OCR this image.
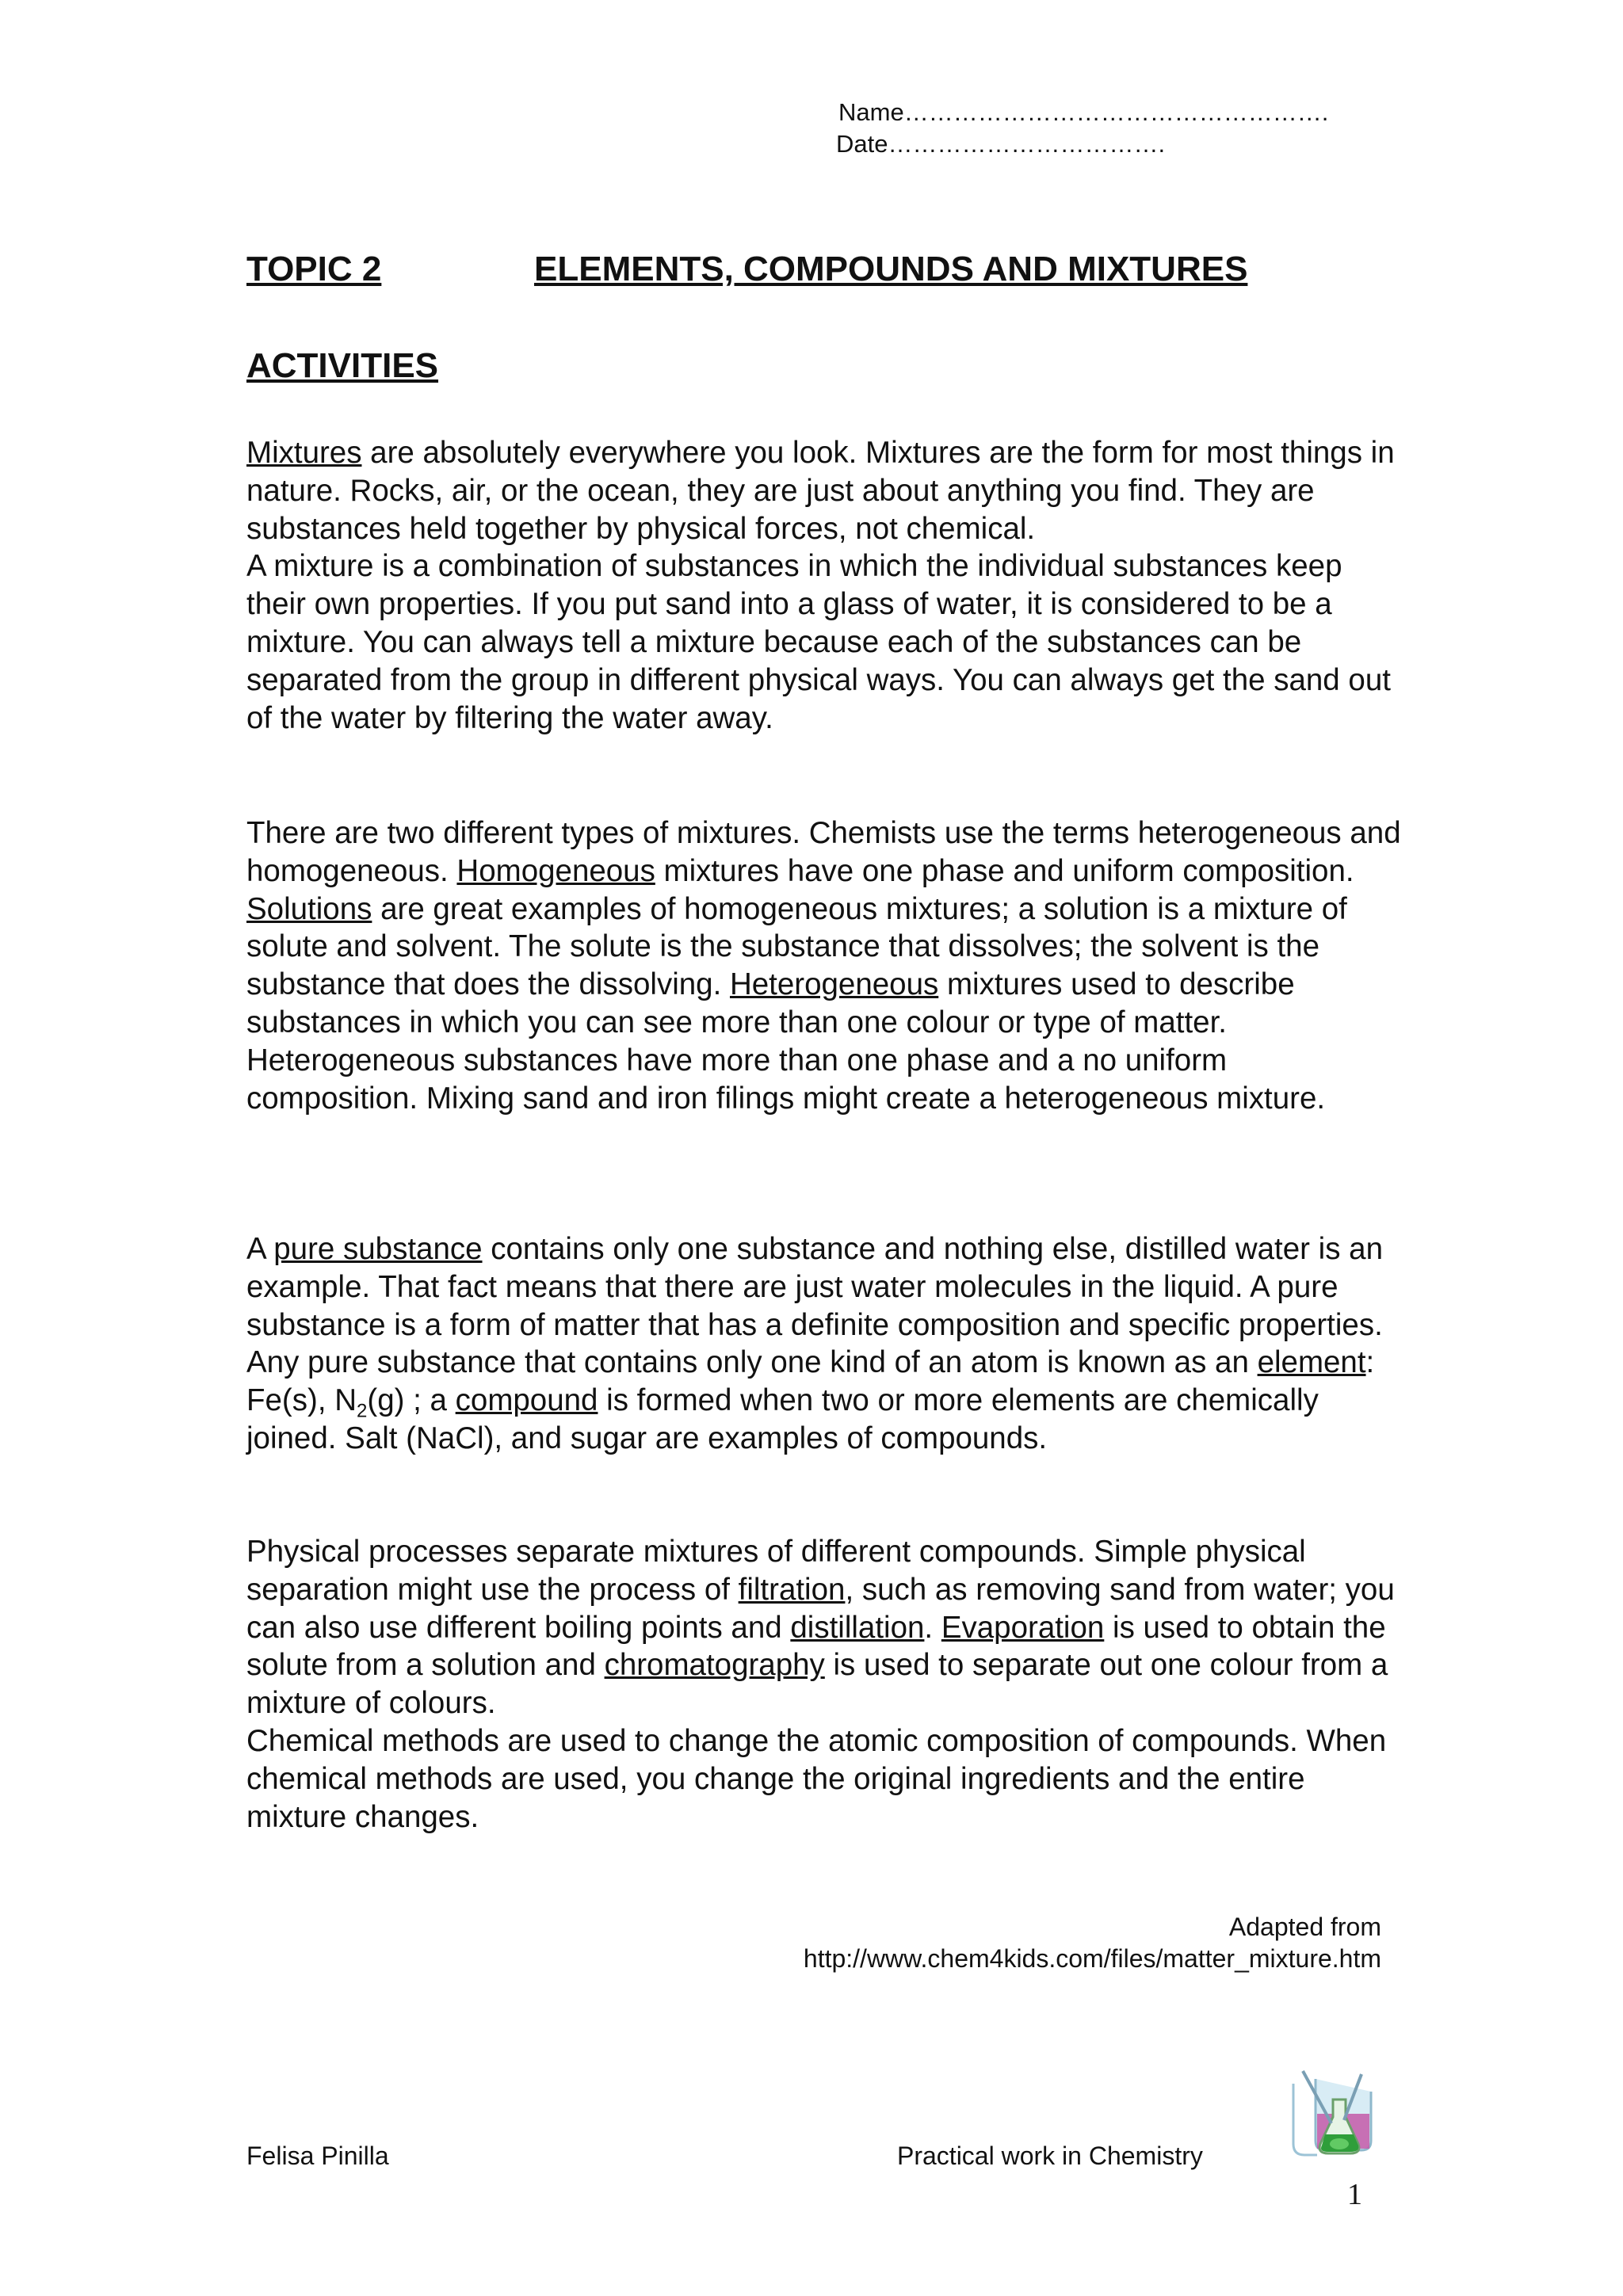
Name…………………………………………….
Date…………………………….
TOPIC 2	ELEMENTS, COMPOUNDS AND MIXTURES
ACTIVITIES

Mixtures are absolutely everywhere you look. Mixtures are the form for most things in nature. Rocks, air, or the ocean, they are just about anything you find. They are substances held together by physical forces, not chemical.

A mixture is a combination of substances in which the individual substances keep their own properties. If you put sand into a glass of water, it is considered to be a mixture. You can always tell a mixture because each of the substances can be separated from the group in different physical ways. You can always get the sand out of the water by filtering the water away.

There are two different types of mixtures. Chemists use the terms heterogeneous and homogeneous. Homogeneous mixtures have one phase and uniform composition. Solutions are great examples of homogeneous mixtures; a solution is a mixture of solute and solvent. The solute is the substance that dissolves; the solvent is the substance that does the dissolving. Heterogeneous mixtures used to describe substances in which you can see more than one colour or type of matter. Heterogeneous substances have more than one phase and a no uniform composition. Mixing sand and iron filings might create a heterogeneous mixture.

A pure substance contains only one substance and nothing else, distilled water is an example. That fact means that there are just water molecules in the liquid. A pure substance is a form of matter that has a definite composition and specific properties. Any pure substance that contains only one kind of an atom is known as an element: Fe(s), $N_2(g)$ ; a compound is formed when two or more elements are chemically joined. Salt (NaCl), and sugar are examples of compounds.

Physical processes separate mixtures of different compounds. Simple physical separation might use the process of filtration, such as removing sand from water; you can also use different boiling points and distillation. Evaporation is used to obtain the solute from a solution and chromatography is used to separate out one colour from a mixture of colours.

Chemical methods are used to change the atomic composition of compounds. When chemical methods are used, you change the original ingredients and the entire mixture changes.

Adapted from
http://www.chem4kids.com/files/matter_mixture.htm
Felisa Pinilla	Practical work in Chemistry
1
